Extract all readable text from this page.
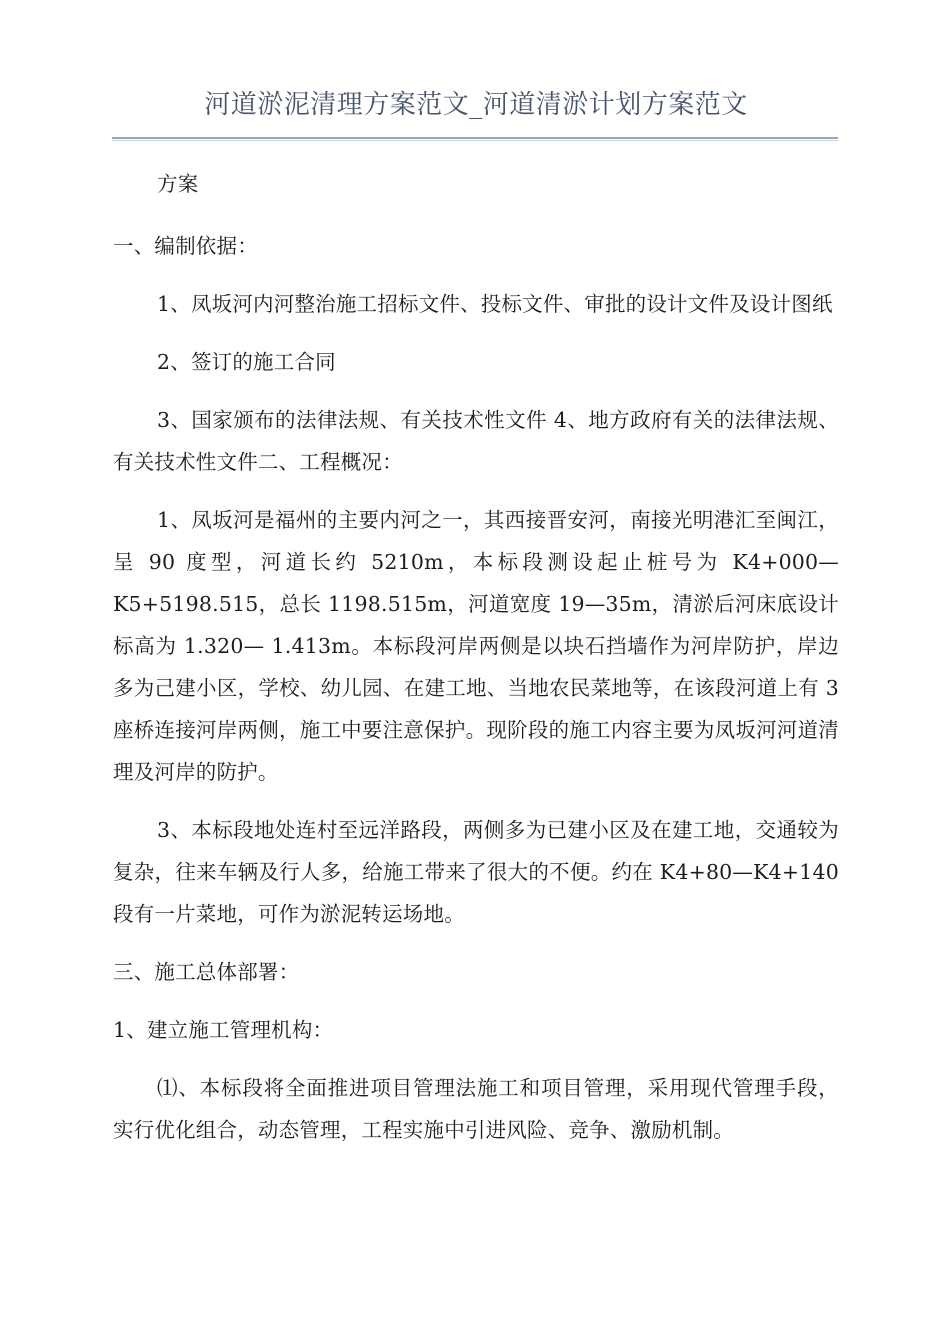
河道淤泥清理方案范文_河道清淤计划方案范文

方案

一、编制依据：

1、凤坂河内河整治施工招标文件、投标文件、审批的设计文件及设计图纸

2、签订的施工合同

3、国家颁布的法律法规、有关技术性文件 4、地方政府有关的法律法规、有关技术性文件二、工程概况：

1、凤坂河是福州的主要内河之一，其西接晋安河，南接光明港汇至闽江，呈 90 度型，河道长约 5210m，本标段测设起止桩号为 K4+000—K5+5198.515，总长 1198.515m，河道宽度 19—35m，清淤后河床底设计标高为 1.320— 1.413m。本标段河岸两侧是以块石挡墙作为河岸防护，岸边多为己建小区，学校、幼儿园、在建工地、当地农民菜地等，在该段河道上有 3 座桥连接河岸两侧，施工中要注意保护。现阶段的施工内容主要为凤坂河河道清理及河岸的防护。

3、本标段地处连村至远洋路段，两侧多为已建小区及在建工地，交通较为复杂，往来车辆及行人多，给施工带来了很大的不便。约在 K4+80—K4+140 段有一片菜地，可作为淤泥转运场地。

三、施工总体部署：

1、建立施工管理机构：

⑴、本标段将全面推进项目管理法施工和项目管理，采用现代管理手段，实行优化组合，动态管理，工程实施中引进风险、竞争、激励机制。
